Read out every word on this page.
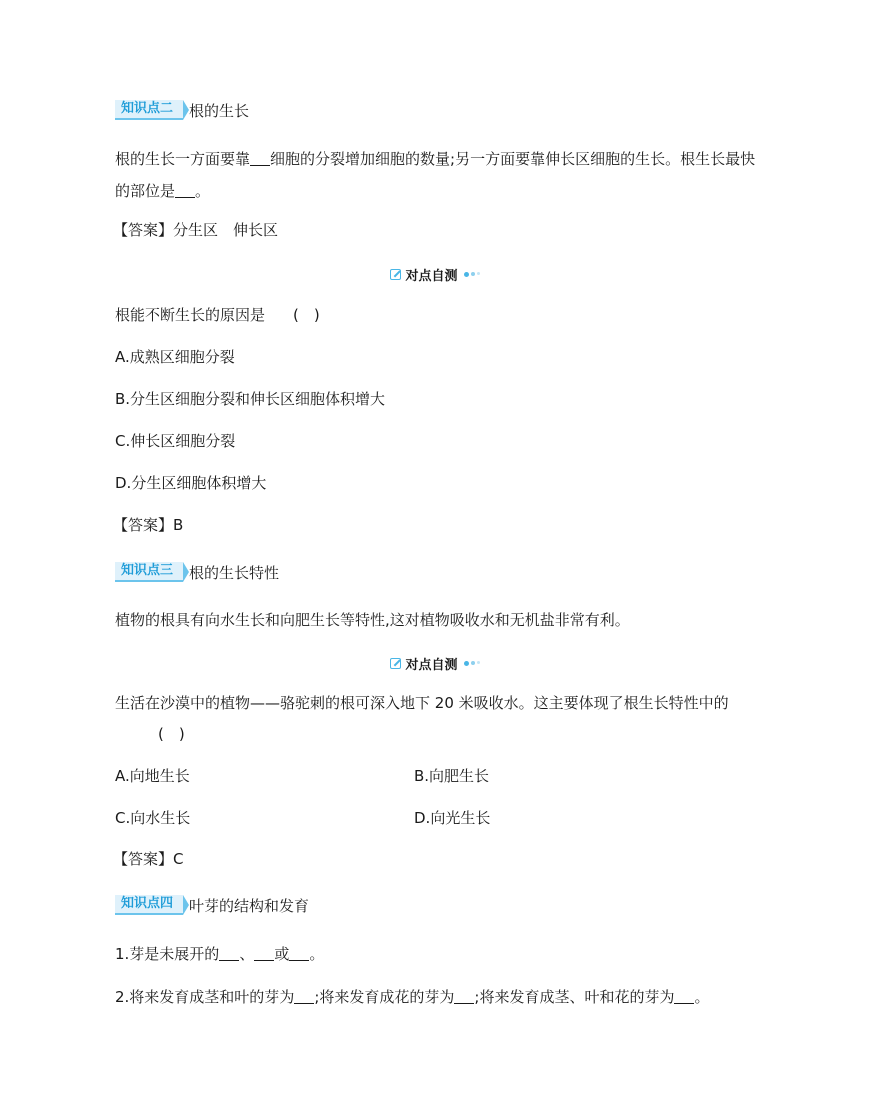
知识点二	根的生长
根的生长一方面要靠 细胞的分裂增加细胞的数量;另一方面要靠伸长区细胞的生长。根生长最快
的部位是 。
【答案】分生区　伸长区
对点自测
根能不断生长的原因是 (　)
A.成熟区细胞分裂
B.分生区细胞分裂和伸长区细胞体积增大
C.伸长区细胞分裂
D.分生区细胞体积增大
【答案】B
知识点三	根的生长特性
植物的根具有向水生长和向肥生长等特性,这对植物吸收水和无机盐非常有利。
对点自测
生活在沙漠中的植物——骆驼刺的根可深入地下 20 米吸收水。这主要体现了根生长特性中的
(　)
A.向地生长	B.向肥生长
C.向水生长	D.向光生长
【答案】C
知识点四	叶芽的结构和发育
1.芽是未展开的 、 或 。
2.将来发育成茎和叶的芽为 ;将来发育成花的芽为 ;将来发育成茎、叶和花的芽为 。
